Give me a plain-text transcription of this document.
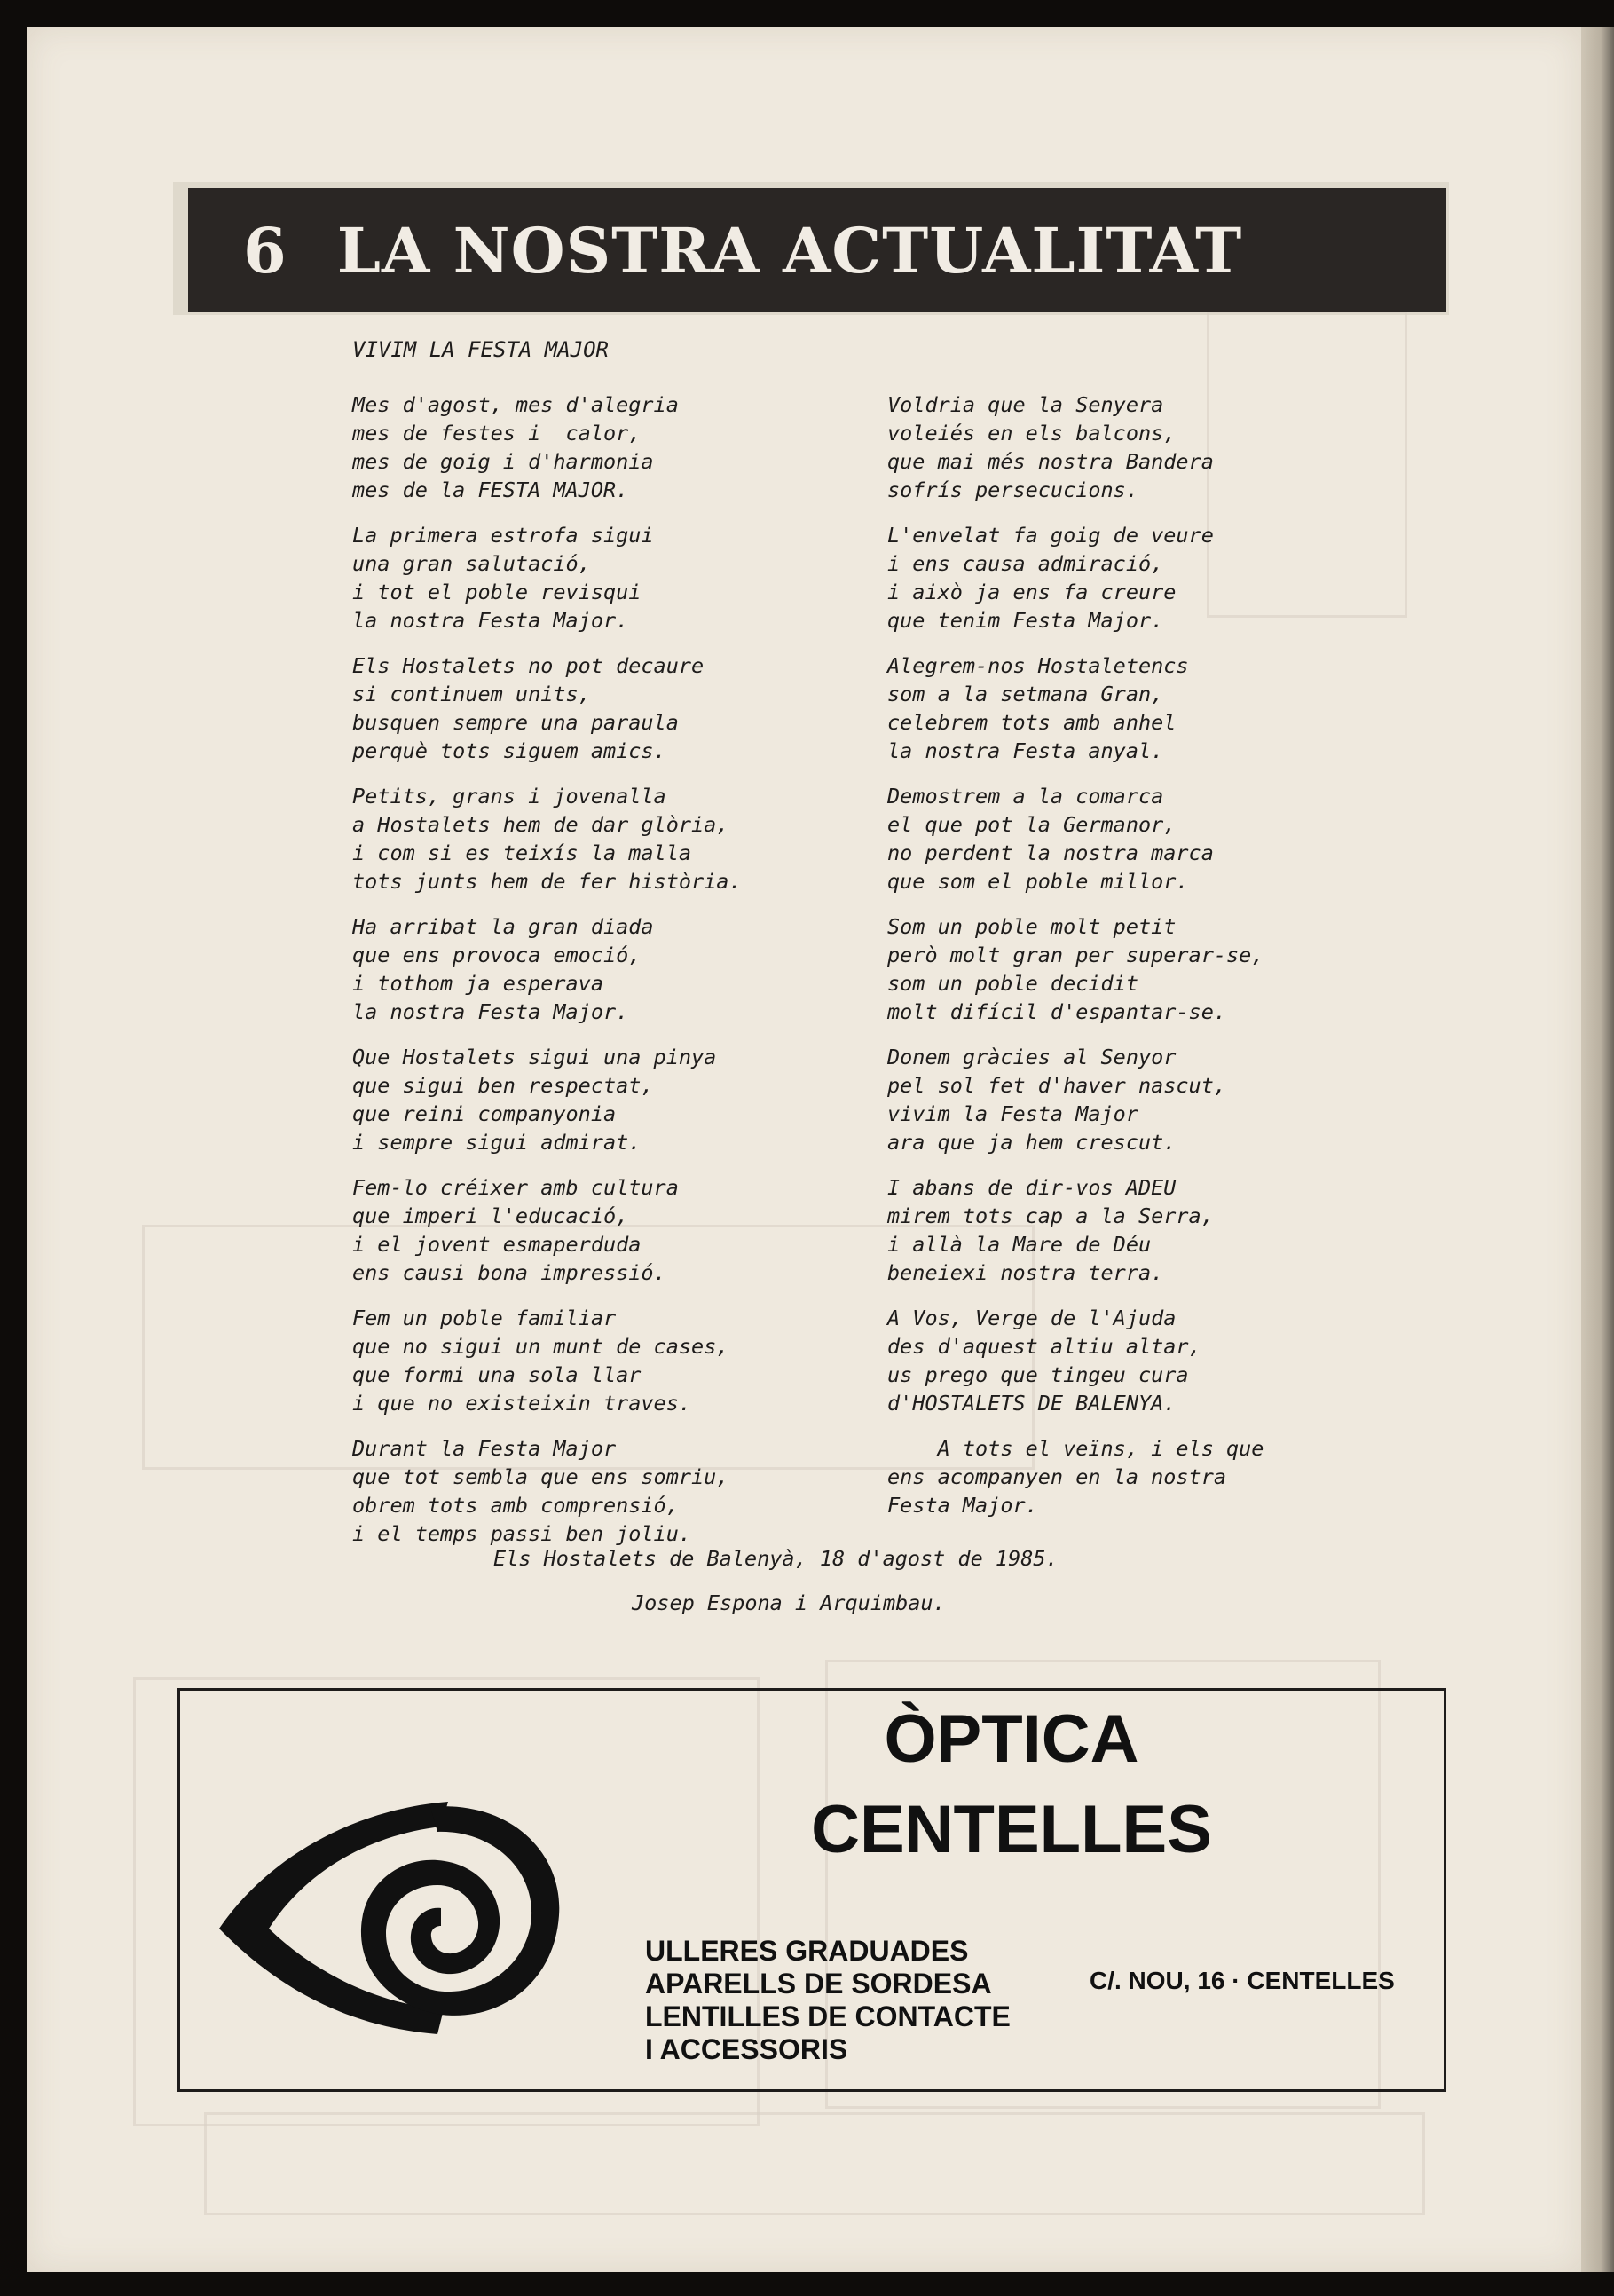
6 LA NOSTRA ACTUALITAT
VIVIM LA FESTA MAJOR
Mes d'agost, mes d'alegria
mes de festes i  calor,
mes de goig i d'harmonia
mes de la FESTA MAJOR.
La primera estrofa sigui
una gran salutació,
i tot el poble revisqui
la nostra Festa Major.
Els Hostalets no pot decaure
si continuem units,
busquen sempre una paraula
perquè tots siguem amics.
Petits, grans i jovenalla
a Hostalets hem de dar glòria,
i com si es teixís la malla
tots junts hem de fer història.
Ha arribat la gran diada
que ens provoca emoció,
i tothom ja esperava
la nostra Festa Major.
Que Hostalets sigui una pinya
que sigui ben respectat,
que reini companyonia
i sempre sigui admirat.
Fem-lo créixer amb cultura
que imperi l'educació,
i el jovent esmaperduda
ens causi bona impressió.
Fem un poble familiar
que no sigui un munt de cases,
que formi una sola llar
i que no existeixin traves.
Durant la Festa Major
que tot sembla que ens somriu,
obrem tots amb comprensió,
i el temps passi ben joliu.
Voldria que la Senyera
voleiés en els balcons,
que mai més nostra Bandera
sofrís persecucions.
L'envelat fa goig de veure
i ens causa admiració,
i això ja ens fa creure
que tenim Festa Major.
Alegrem-nos Hostaletencs
som a la setmana Gran,
celebrem tots amb anhel
la nostra Festa anyal.
Demostrem a la comarca
el que pot la Germanor,
no perdent la nostra marca
que som el poble millor.
Som un poble molt petit
però molt gran per superar-se,
som un poble decidit
molt difícil d'espantar-se.
Donem gràcies al Senyor
pel sol fet d'haver nascut,
vivim la Festa Major
ara que ja hem crescut.
I abans de dir-vos ADEU
mirem tots cap a la Serra,
i allà la Mare de Déu
beneiexi nostra terra.
A Vos, Verge de l'Ajuda
des d'aquest altiu altar,
us prego que tingeu cura
d'HOSTALETS DE BALENYA.
A tots el veïns, i els que
ens acompanyen en la nostra
Festa Major.
Els Hostalets de Balenyà, 18 d'agost de 1985.
Josep Espona i Arquimbau.
ÒPTICA
CENTELLES
ULLERES GRADUADES
APARELLS DE SORDESA
LENTILLES DE CONTACTE
I ACCESSORIS
C/. NOU, 16 · CENTELLES
